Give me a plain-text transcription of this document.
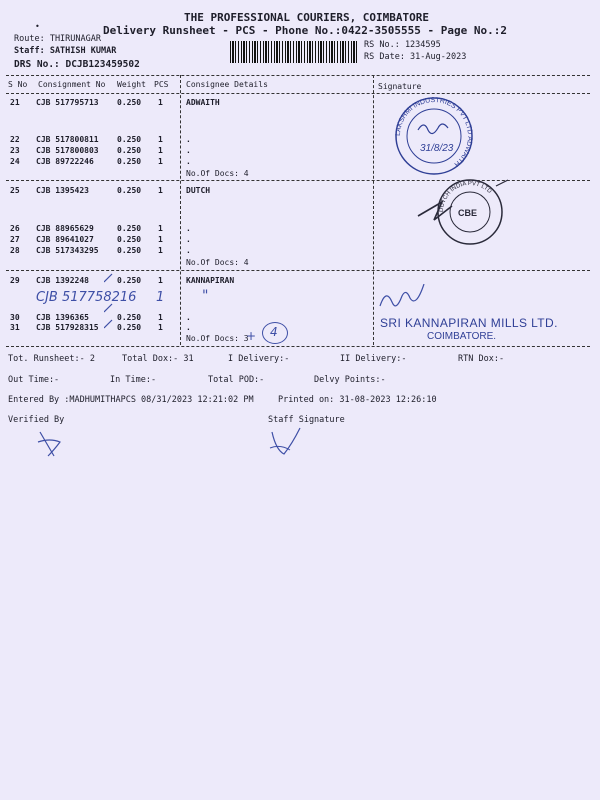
THE PROFESSIONAL COURIERS, COIMBATORE
•	Delivery Runsheet - PCS - Phone No.:0422-3505555 - Page No.:2
Route: THIRUNAGAR
Staff: SATHISH KUMAR
DRS No.: DCJB123459502
RS No.: 1234595
RS Date: 31-Aug-2023
S No Consignment No Weight PCS Consignee Details	Signature
21 CJB 517795713 0.250 1	ADWAITH
22 CJB 517800811 0.250 1	.
23 CJB 517800803 0.250 1	.
24 CJB 89722246	0.250 1	.
No.Of Docs: 4
25 CJB 1395423	0.250 1	DUTCH
26 CJB 88965629	0.250 1	.
27 CJB 89641027	0.250 1	.
28 CJB 517343295 0.250 1	.
No.Of Docs: 4
29 CJB 1392248	0.250 1	KANNAPIRAN
30 CJB 1396365	0.250 1	.
31 CJB 517928315 0.250 1	.
No.Of Docs: 3
CJB 517758216 1	"
+ 4
LAKSHMI INDUSTRIES PVT LTD ADWAITH
31/8/23
DUTCH INDIA PVT LTD
CBE
SRI KANNAPIRAN MILLS LTD.
COIMBATORE.
Tot. Runsheet:- 2	Total Dox:- 31	I Delivery:-	II Delivery:-	RTN Dox:-
Out Time:-	In Time:-	Total POD:-	Delvy Points:-
Entered By :MADHUMITHAPCS 08/31/2023 12:21:02 PM	Printed on: 31-08-2023 12:26:10
Verified By	Staff Signature
